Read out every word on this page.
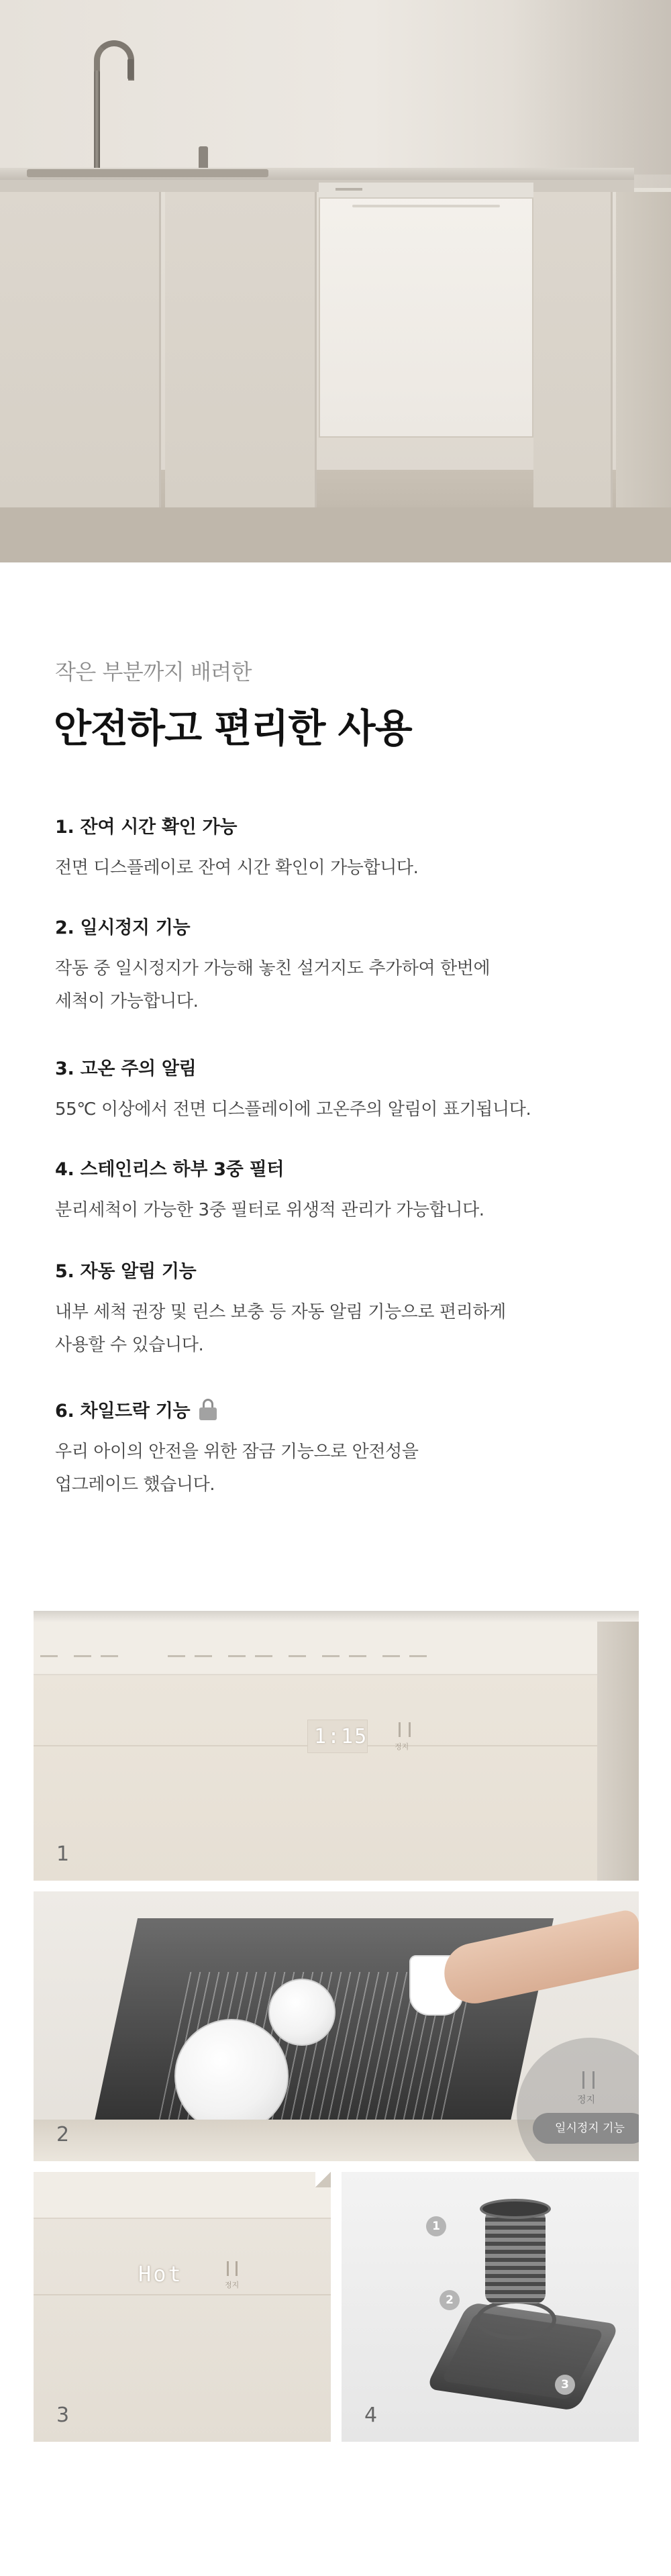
작은 부분까지 배려한
안전하고 편리한 사용
1. 잔여 시간 확인 가능
전면 디스플레이로 잔여 시간 확인이 가능합니다.
2. 일시정지 기능
작동 중 일시정지가 가능해 놓친 설거지도 추가하여 한번에
세척이 가능합니다.
3. 고온 주의 알림
55℃ 이상에서 전면 디스플레이에 고온주의 알림이 표기됩니다.
4. 스테인리스 하부 3중 필터
분리세척이 가능한 3중 필터로 위생적 관리가 가능합니다.
5. 자동 알림 기능
내부 세척 권장 및 린스 보충 등 자동 알림 기능으로 편리하게
사용할 수 있습니다.
6. 차일드락 기능
우리 아이의 안전을 위한 잠금 기능으로 안전성을
업그레이드 했습니다.
1:15	정지
1
정지
일시정지 기능
2
Hot	정지
3
1
2
3
4
